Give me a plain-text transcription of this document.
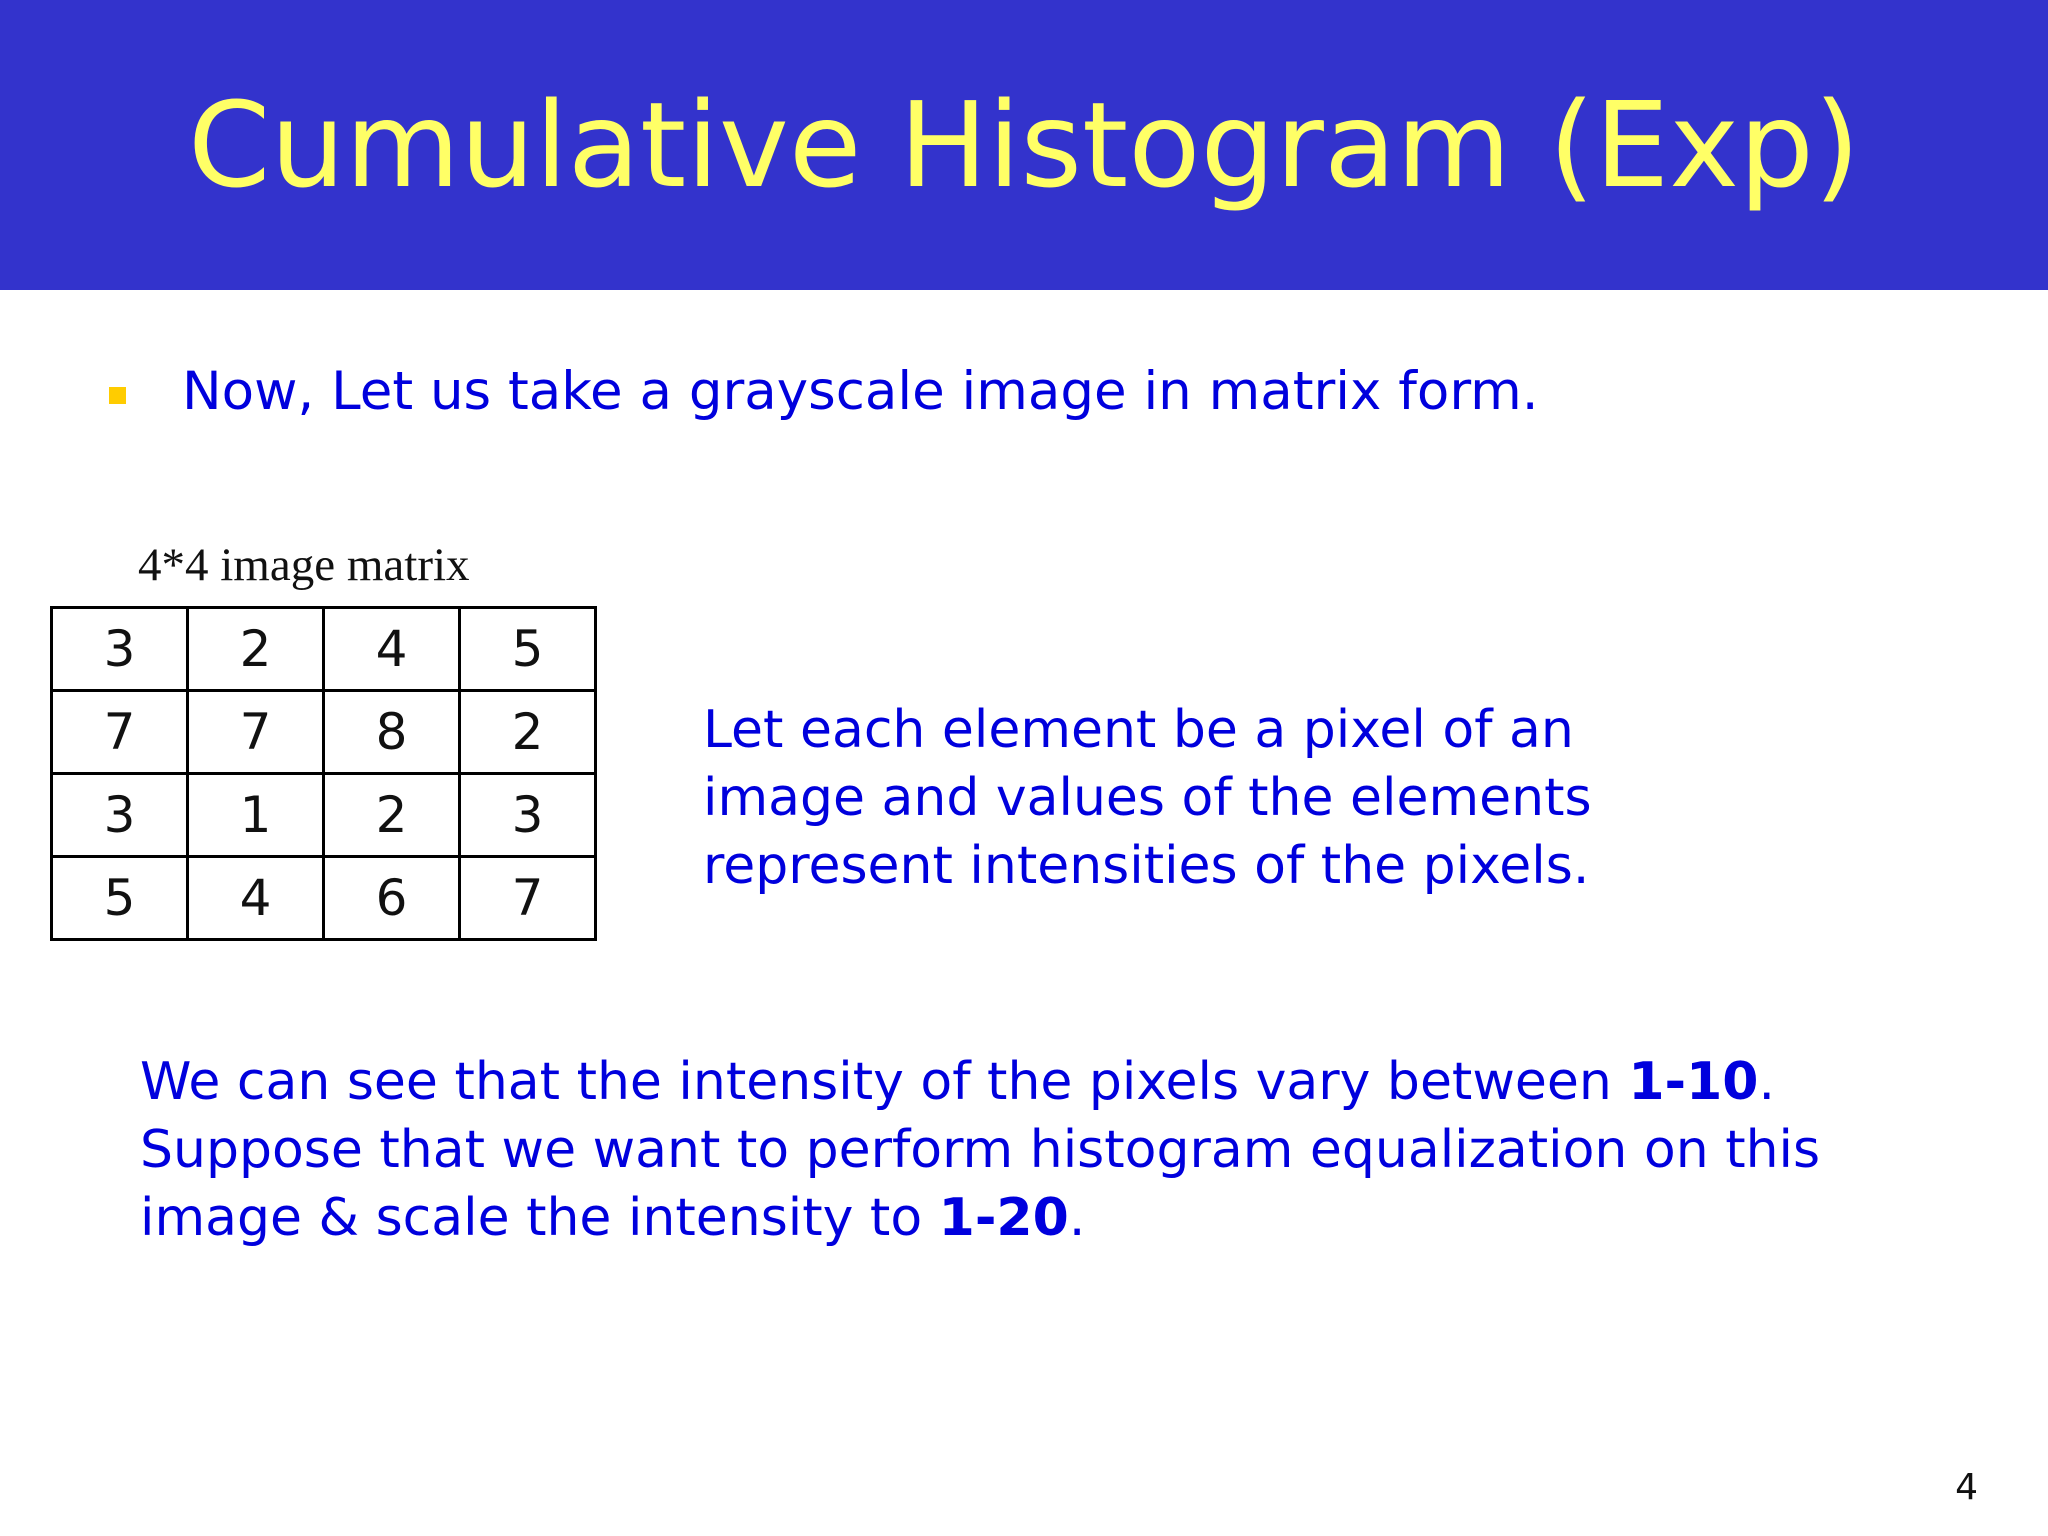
Cumulative Histogram (Exp)
Now, Let us take a grayscale image in matrix form.
4*4 image matrix
3	2	4	5
7	7	8	2
3	1	2	3
5	4	6	7
Let each element be a pixel of an
image and values of the elements
represent intensities of the pixels.
We can see that the intensity of the pixels vary between 1-10.
Suppose that we want to perform histogram equalization on this
image & scale the intensity to 1-20.
4
